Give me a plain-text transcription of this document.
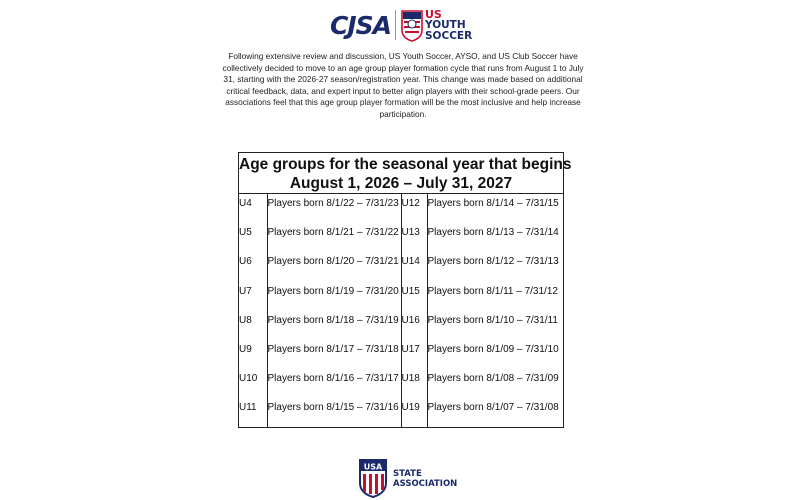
CJSA	US
YOUTH
SOCCER

Following extensive review and discussion, US Youth Soccer, AYSO, and US Club Soccer have collectively decided to move to an age group player formation cycle that runs from August 1 to July 31, starting with the 2026-27 season/registration year. This change was made based on additional critical feedback, data, and expert input to better align players with their school-grade peers. Our associations feel that this age group player formation will be the most inclusive and help increase participation.

·
Age groups for the seasonal year that begins
August 1, 2026 – July 31, 2027
U4	Players born 8/1/22 – 7/31/23	U12	Players born 8/1/14 – 7/31/15
U5	Players born 8/1/21 – 7/31/22	U13	Players born 8/1/13 – 7/31/14
U6	Players born 8/1/20 – 7/31/21	U14	Players born 8/1/12 – 7/31/13
U7	Players born 8/1/19 – 7/31/20	U15	Players born 8/1/11 – 7/31/12
U8	Players born 8/1/18 – 7/31/19	U16	Players born 8/1/10 – 7/31/11
U9	Players born 8/1/17 – 7/31/18	U17	Players born 8/1/09 – 7/31/10
U10	Players born 8/1/16 – 7/31/17	U18	Players born 8/1/08 – 7/31/09
U11	Players born 8/1/15 – 7/31/16	U19	Players born 8/1/07 – 7/31/08
USA
STATE
ASSOCIATION
